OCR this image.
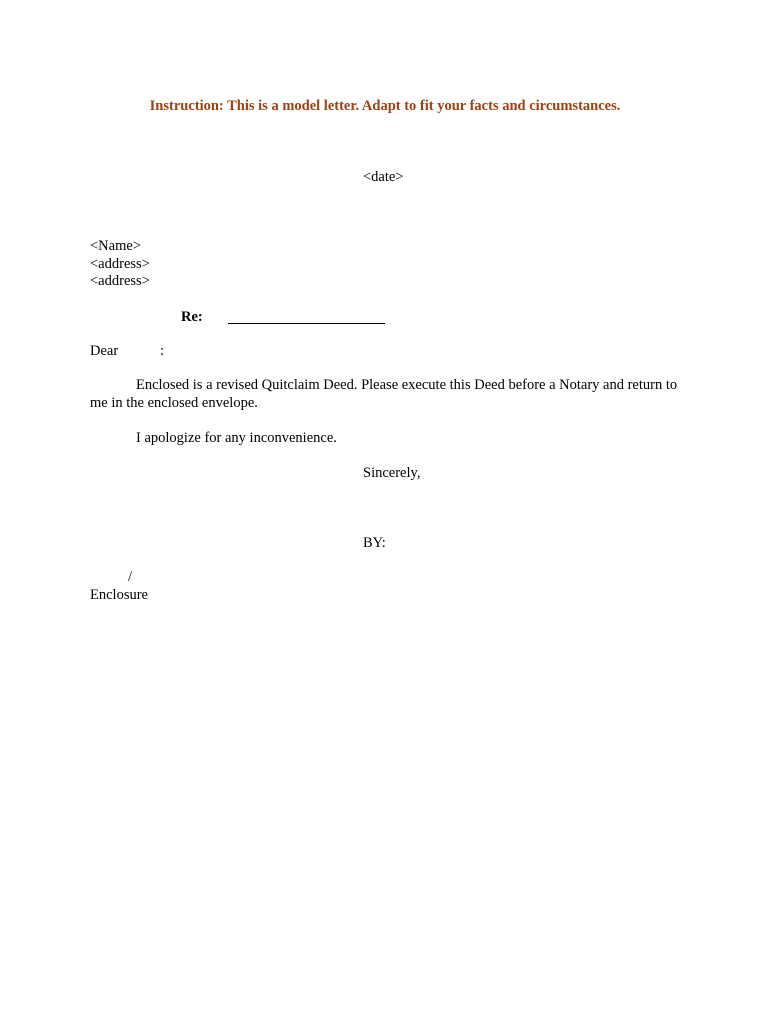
Instruction: This is a model letter. Adapt to fit your facts and circumstances.
<date>
<Name>
<address>
<address>
Re:
Dear	:
Enclosed is a revised Quitclaim Deed. Please execute this Deed before a Notary and return to me in the enclosed envelope.
I apologize for any inconvenience.
Sincerely,
BY:
/
Enclosure
